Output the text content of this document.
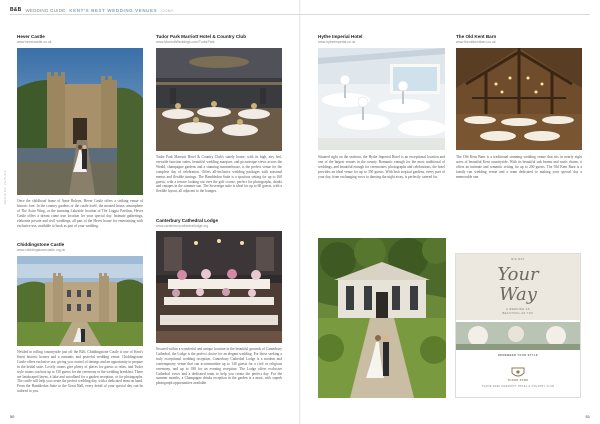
B&B WEDDING GUIDE KENT'S BEST WEDDING VENUES CONT.
WEDDING VENUES
Hever Castle
www.hevercastle.co.uk
Once the childhood home of Anne Boleyn, Hever Castle offers a striking venue of historic fare. In the country gardens or the castle itself, the moated house, atmosphere of The Astor Wing, or the stunning Lakeside location of The Loggia Pavilion, Hever Castle offers a dream come true location for your special day. Intimate gatherings, elaborate private and civil weddings, all part of the Hever house for entertaining with exclusive use, available to book as part of your wedding.
Chiddingstone Castle
www.chiddingstonecastle.org.uk
Nestled in rolling countryside just off the B26, Chiddingstone Castle is one of Kent's finest historic houses and a romantic and peaceful wedding venue. Chiddingstone Castle offers exclusive use, giving you control of timings and an opportunity to prepare in the bridal suite. Lovely rooms give plenty of places for guests to relax, and Tudor style rooms can host up to 150 guests for the ceremony or the wedding breakfast. There are landscaped lawns, a lake and woodland for a garden reception, or for photographs. The castle will help you create the perfect wedding day, with a dedicated team on hand. From the Hambledon Suite to the Great Hall, every detail of your special day can be tailored to you.
Tudor Park Marriott Hotel & Country Club
www.MarriottWeddings.com/TudorPark
Tudor Park Marriott Hotel & Country Club's stately house, with its high, airy feel, versatile function suites, beautiful wedding marquee, and picturesque views across the Weald, champagne gardens and a stunning summerhouse, is the perfect venue for the complete day of celebration. Offers all-inclusive wedding packages with seasonal menus and flexible timings. The Hambledon Suite is a spacious setting for up to 160 guests, with a terrace looking out over the golf course, perfect for photographs, drinks and canapes in the summer sun. The Sovereign suite is ideal for up to 60 guests, with a flexible layout, all adjacent to the lounges.
Canterbury Cathedral Lodge
www.canterburycathedrallodge.org
Secured within a wonderful and unique location in the beautiful grounds of Canterbury Cathedral, the Lodge is the perfect choice for an elegant wedding. For those seeking a truly exceptional wedding reception, Canterbury Cathedral Lodge is a modern and contemporary venue that can accommodate up to 140 guests for a civil or religious ceremony, and up to 180 for an evening reception. The Lodge offers exclusive Cathedral views and a dedicated team to help you create the perfect day. For the summer months, a Champagne drinks reception in the garden is a must, with superb photograph opportunities available.
Hythe Imperial Hotel
www.hytheimperial.co.uk
Situated right on the seafront, the Hythe Imperial Hotel is an exceptional location and one of the largest venues in the county. Romantic enough for the most traditional of weddings, and beautiful enough for ceremonies, photographs and celebrations, the hotel provides an ideal venue for up to 350 guests. With lush tropical gardens, every part of your day, from exchanging vows to dancing the night away, is perfectly catered for.
The Old Kent Barn
www.theoldkentbarn.co.uk
The Old Kent Barn is a traditional stunning wedding venue that sits in nearly eight acres of beautiful Kent countryside. With its beautiful oak beams and rustic charm, it offers an intimate and romantic setting for up to 200 guests. The Old Kent Barn is a family run wedding venue and a team dedicated to making your special day a memorable one.
RIG DAY
Your
Way
A WEDDING AS
BEAUTIFUL AS YOU
REMEMBER YOUR STYLE
TUDOR PARK
TUDOR PARK MARRIOTT HOTEL & COUNTRY CLUB
50	51
